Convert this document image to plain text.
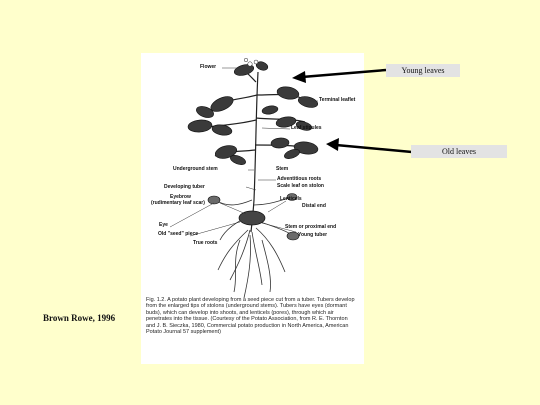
Flower
Terminal leaflet
Leaf stipules
Underground stem	Stem
Adventitious roots
Scale leaf on stolon
Developing tuber
Eyebrow
(rudimentary leaf scar)
Lenticels
Distal end
Eye	Stem or proximal end
Young tuber
Old "seed" piece
True roots
Fig. 1.2. A potato plant developing from a seed piece cut from a tuber. Tubers develop from the enlarged tips of stolons (underground stems). Tubers have eyes (dormant buds), which can develop into shoots, and lenticels (pores), through which air penetrates into the tissue. (Courtesy of the Potato Association, from R. E. Thornton and J. B. Sieczka, 1980, Commercial potato production in North America, American Potato Journal 57 supplement)
Young leaves
Old leaves
Brown Rowe, 1996
